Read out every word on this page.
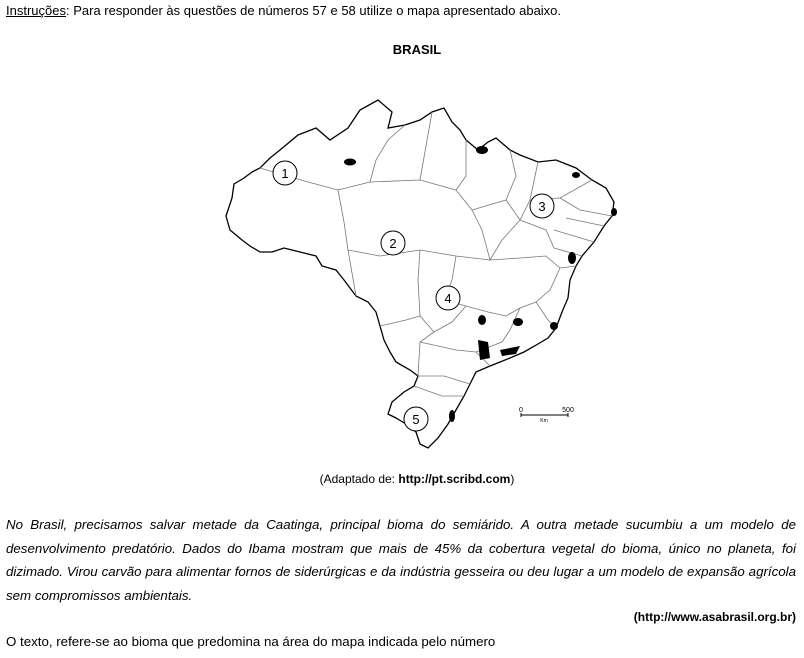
Instruções: Para responder às questões de números 57 e 58 utilize o mapa apresentado abaixo.
BRASIL
1
2
3
4
5
0	500
Km
(Adaptado de: http://pt.scribd.com)
No Brasil, precisamos salvar metade da Caatinga, principal bioma do semiárido. A outra metade sucumbiu a um modelo de desenvolvimento predatório. Dados do Ibama mostram que mais de 45% da cobertura vegetal do bioma, único no planeta, foi dizimado. Virou carvão para alimentar fornos de siderúrgicas e da indústria gesseira ou deu lugar a um modelo de expansão agrícola sem compromissos ambientais.
(http://www.asabrasil.org.br)
O texto, refere-se ao bioma que predomina na área do mapa indicada pelo número
